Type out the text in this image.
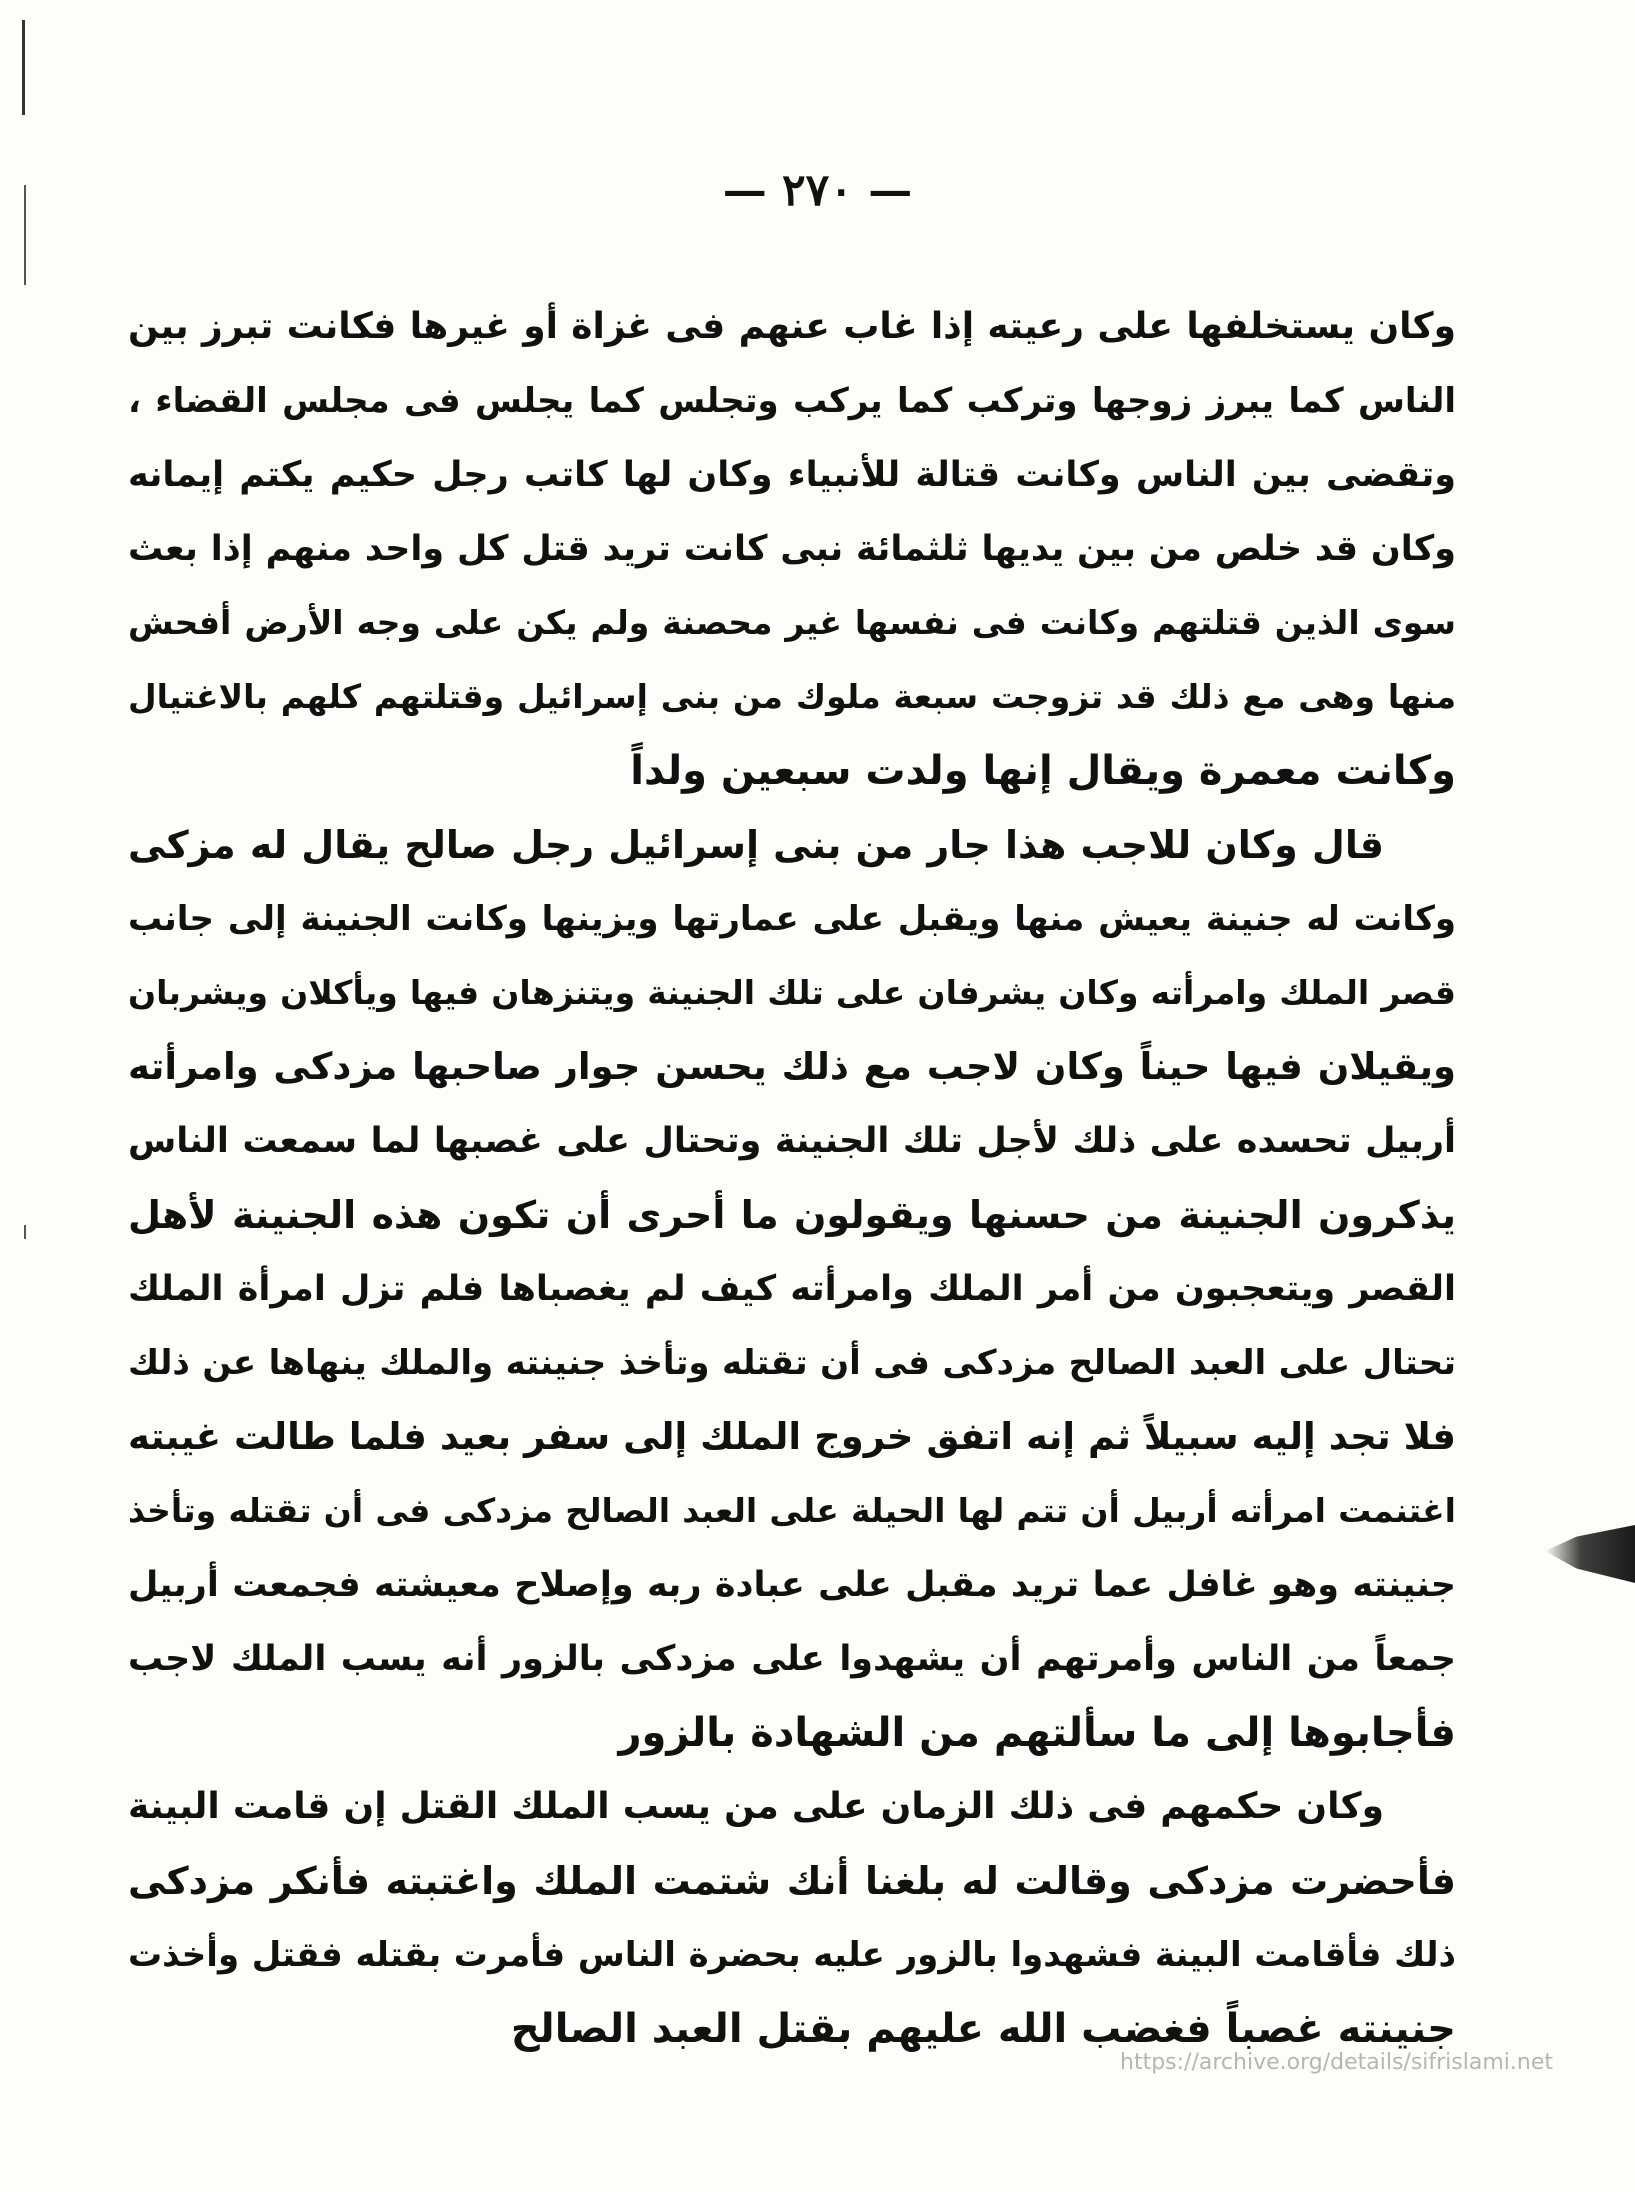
— ٢٧٠ —
وكان يستخلفها على رعيته إذا غاب عنهم فى غزاة أو غيرها فكانت تبرز بين
الناس كما يبرز زوجها وتركب كما يركب وتجلس كما يجلس فى مجلس القضاء ،
وتقضى بين الناس وكانت قتالة للأنبياء وكان لها كاتب رجل حكيم يكتم إيمانه
وكان قد خلص من بين يديها ثلثمائة نبى كانت تريد قتل كل واحد منهم إذا بعث
سوى الذين قتلتهم وكانت فى نفسها غير محصنة ولم يكن على وجه الأرض أفحش
منها وهى مع ذلك قد تزوجت سبعة ملوك من بنى إسرائيل وقتلتهم كلهم بالاغتيال
وكانت معمرة ويقال إنها ولدت سبعين ولداً
قال وكان للاجب هذا جار من بنى إسرائيل رجل صالح يقال له مزكى
وكانت له جنينة يعيش منها ويقبل على عمارتها ويزينها وكانت الجنينة إلى جانب
قصر الملك وامرأته وكان يشرفان على تلك الجنينة ويتنزهان فيها ويأكلان ويشربان
ويقيلان فيها حيناً وكان لاجب مع ذلك يحسن جوار صاحبها مزدكى وامرأته
أربيل تحسده على ذلك لأجل تلك الجنينة وتحتال على غصبها لما سمعت الناس
يذكرون الجنينة من حسنها ويقولون ما أحرى أن تكون هذه الجنينة لأهل
القصر ويتعجبون من أمر الملك وامرأته كيف لم يغصباها فلم تزل امرأة الملك
تحتال على العبد الصالح مزدكى فى أن تقتله وتأخذ جنينته والملك ينهاها عن ذلك
فلا تجد إليه سبيلاً ثم إنه اتفق خروج الملك إلى سفر بعيد فلما طالت غيبته
اغتنمت امرأته أربيل أن تتم لها الحيلة على العبد الصالح مزدكى فى أن تقتله وتأخذ
جنينته وهو غافل عما تريد مقبل على عبادة ربه وإصلاح معيشته فجمعت أربيل
جمعاً من الناس وأمرتهم أن يشهدوا على مزدكى بالزور أنه يسب الملك لاجب
فأجابوها إلى ما سألتهم من الشهادة بالزور
وكان حكمهم فى ذلك الزمان على من يسب الملك القتل إن قامت البينة
فأحضرت مزدكى وقالت له بلغنا أنك شتمت الملك واغتبته فأنكر مزدكى
ذلك فأقامت البينة فشهدوا بالزور عليه بحضرة الناس فأمرت بقتله فقتل وأخذت
جنينته غصباً فغضب الله عليهم بقتل العبد الصالح
https://archive.org/details/sifrislami.net
